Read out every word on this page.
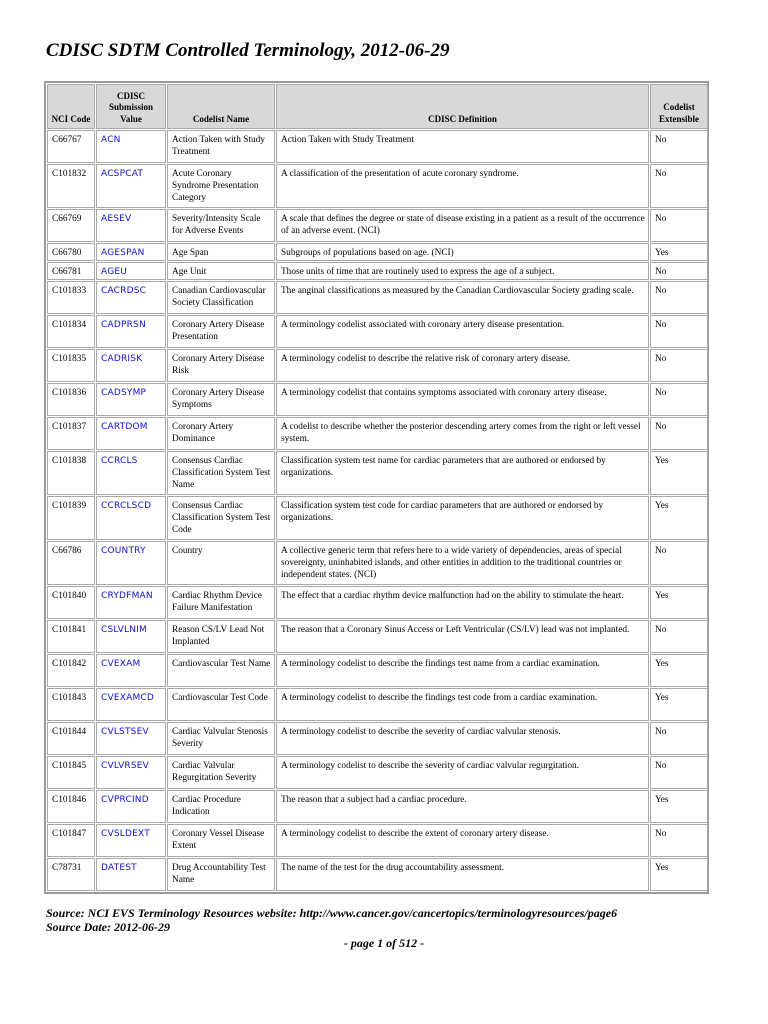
CDISC SDTM Controlled Terminology, 2012-06-29
NCI Code	CDISC Submission Value	Codelist Name	CDISC Definition	Codelist Extensible
C66767	ACN	Action Taken with Study Treatment	Action Taken with Study Treatment	No
C101832	ACSPCAT	Acute Coronary Syndrome Presentation Category	A classification of the presentation of acute coronary syndrome.	No
C66769	AESEV	Severity/Intensity Scale for Adverse Events	A scale that defines the degree or state of disease existing in a patient as a result of the occurrence of an adverse event. (NCI)	No
C66780	AGESPAN	Age Span	Subgroups of populations based on age. (NCI)	Yes
C66781	AGEU	Age Unit	Those units of time that are routinely used to express the age of a subject.	No
C101833	CACRDSC	Canadian Cardiovascular Society Classification	The anginal classifications as measured by the Canadian Cardiovascular Society grading scale.	No
C101834	CADPRSN	Coronary Artery Disease Presentation	A terminology codelist associated with coronary artery disease presentation.	No
C101835	CADRISK	Coronary Artery Disease Risk	A terminology codelist to describe the relative risk of coronary artery disease.	No
C101836	CADSYMP	Coronary Artery Disease Symptoms	A terminology codelist that contains symptoms associated with coronary artery disease.	No
C101837	CARTDOM	Coronary Artery Dominance	A codelist to describe whether the posterior descending artery comes from the right or left vessel system.	No
C101838	CCRCLS	Consensus Cardiac Classification System Test Name	Classification system test name for cardiac parameters that are authored or endorsed by organizations.	Yes
C101839	CCRCLSCD	Consensus Cardiac Classification System Test Code	Classification system test code for cardiac parameters that are authored or endorsed by organizations.	Yes
C66786	COUNTRY	Country	A collective generic term that refers here to a wide variety of dependencies, areas of special sovereignty, uninhabited islands, and other entities in addition to the traditional countries or independent states. (NCI)	No
C101840	CRYDFMAN	Cardiac Rhythm Device Failure Manifestation	The effect that a cardiac rhythm device malfunction had on the ability to stimulate the heart.	Yes
C101841	CSLVLNIM	Reason CS/LV Lead Not Implanted	The reason that a Coronary Sinus Access or Left Ventricular (CS/LV) lead was not implanted.	No
C101842	CVEXAM	Cardiovascular Test Name	A terminology codelist to describe the findings test name from a cardiac examination.	Yes
C101843	CVEXAMCD	Cardiovascular Test Code	A terminology codelist to describe the findings test code from a cardiac examination.	Yes
C101844	CVLSTSEV	Cardiac Valvular Stenosis Severity	A terminology codelist to describe the severity of cardiac valvular stenosis.	No
C101845	CVLVRSEV	Cardiac Valvular Regurgitation Severity	A terminology codelist to describe the severity of cardiac valvular regurgitation.	No
C101846	CVPRCIND	Cardiac Procedure Indication	The reason that a subject had a cardiac procedure.	Yes
C101847	CVSLDEXT	Coronary Vessel Disease Extent	A terminology codelist to describe the extent of coronary artery disease.	No
C78731	DATEST	Drug Accountability Test Name	The name of the test for the drug accountability assessment.	Yes
Source: NCI EVS Terminology Resources website: http://www.cancer.gov/cancertopics/terminologyresources/page6
Source Date: 2012-06-29
- page 1 of 512 -
